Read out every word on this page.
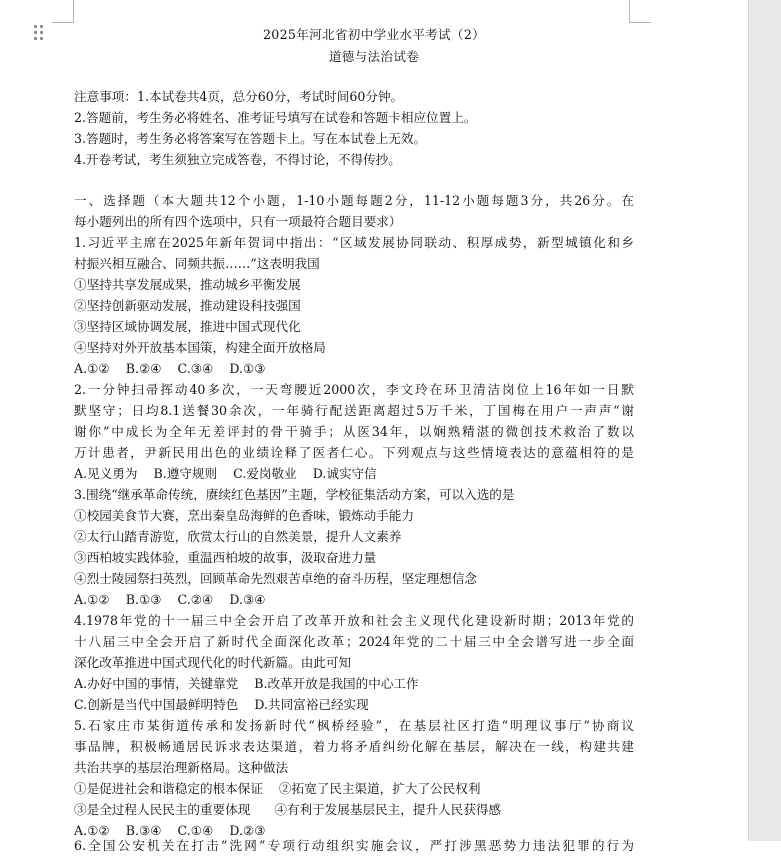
2025年河北省初中学业水平考试（2）
道德与法治试卷
注意事项：1.本试卷共4页，总分60分，考试时间60分钟。
2.答题前，考生务必将姓名、准考证号填写在试卷和答题卡相应位置上。
3.答题时，考生务必将答案写在答题卡上。写在本试卷上无效。
4.开卷考试，考生须独立完成答卷，不得讨论，不得传抄。
一、选择题（本大题共12个小题，1-10小题每题2分，11-12小题每题3分，共26分。在
每小题列出的所有四个选项中，只有一项最符合题目要求）
1.习近平主席在2025年新年贺词中指出：“区域发展协同联动、积厚成势，新型城镇化和乡
村振兴相互融合、同频共振……”这表明我国
①坚持共享发展成果，推动城乡平衡发展
②坚持创新驱动发展，推动建设科技强国
③坚持区域协调发展，推进中国式现代化
④坚持对外开放基本国策，构建全面开放格局
A.①②    B.②④    C.③④    D.①③
2.一分钟扫帚挥动40多次，一天弯腰近2000次，李文玲在环卫清洁岗位上16年如一日默
默坚守；日均8.1送餐30余次，一年骑行配送距离超过5万千米，丁国梅在用户一声声“谢
谢你”中成长为全年无差评封的骨干骑手；从医34年，以娴熟精湛的微创技术救治了数以
万计患者，尹新民用出色的业绩诠释了医者仁心。下列观点与这些情境表达的意蕴相符的是
A.见义勇为    B.遵守规则    C.爱岗敬业    D.诚实守信
3.围绕“继承革命传统，赓续红色基因”主题，学校征集活动方案，可以入选的是
①校园美食节大赛，烹出秦皇岛海鲜的色香味，锻炼动手能力
②太行山踏青游览，欣赏太行山的自然美景，提升人文素养
③西柏坡实践体验，重温西柏坡的故事，汲取奋进力量
④烈士陵园祭扫英烈，回顾革命先烈艰苦卓绝的奋斗历程，坚定理想信念
A.①②    B.①③    C.②④    D.③④
4.1978年党的十一届三中全会开启了改革开放和社会主义现代化建设新时期；2013年党的
十八届三中全会开启了新时代全面深化改革；2024年党的二十届三中全会谱写进一步全面
深化改革推进中国式现代化的时代新篇。由此可知
A.办好中国的事情，关键靠党    B.改革开放是我国的中心工作
C.创新是当代中国最鲜明特色    D.共同富裕已经实现
5.石家庄市某街道传承和发扬新时代“枫桥经验”，在基层社区打造“明理议事厅”协商议
事品牌，积极畅通居民诉求表达渠道，着力将矛盾纠纷化解在基层，解决在一线，构建共建
共治共享的基层治理新格局。这种做法
①是促进社会和谐稳定的根本保证    ②拓宽了民主渠道，扩大了公民权利
③是全过程人民民主的重要体现      ④有利于发展基层民主，提升人民获得感
A.①②    B.③④    C.①④    D.②③
6.全国公安机关在打击“洗网”专项行动组织实施会议，严打涉黑恶势力违法犯罪的行为
